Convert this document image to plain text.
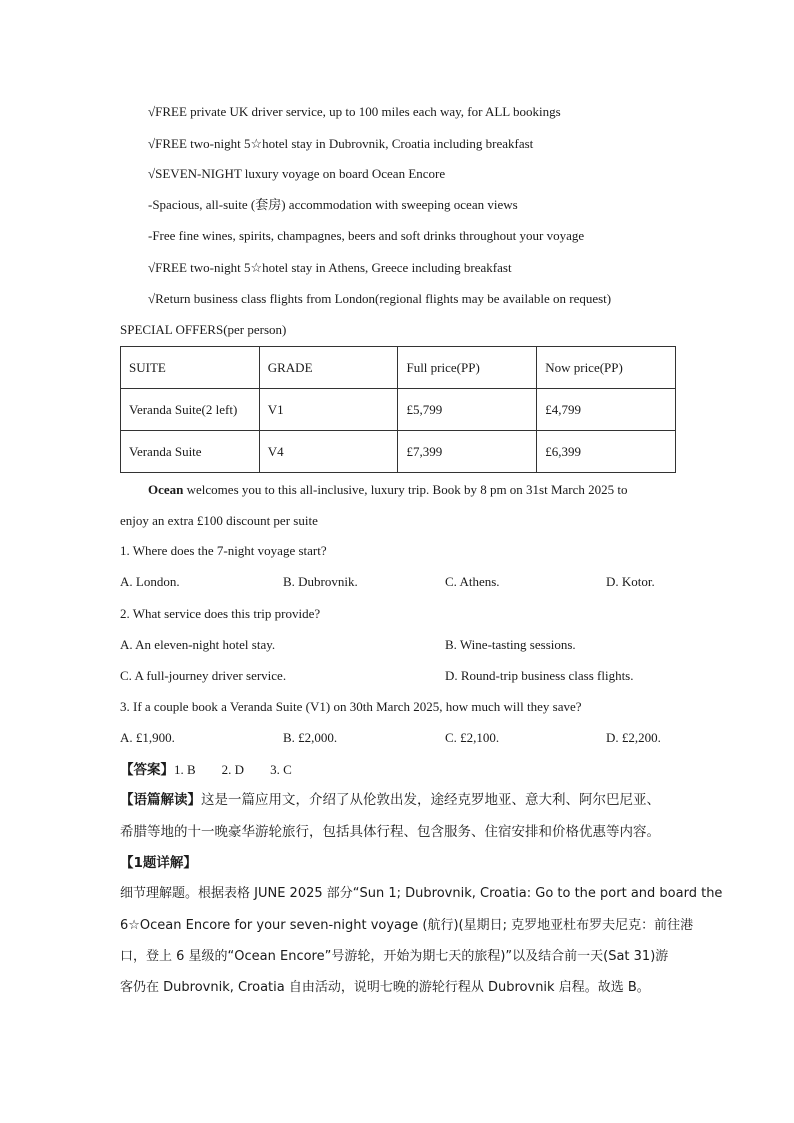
√FREE private UK driver service, up to 100 miles each way, for ALL bookings
√FREE two-night 5☆hotel stay in Dubrovnik, Croatia including breakfast
√SEVEN-NIGHT luxury voyage on board Ocean Encore
-Spacious, all-suite (套房) accommodation with sweeping ocean views
-Free fine wines, spirits, champagnes, beers and soft drinks throughout your voyage
√FREE two-night 5☆hotel stay in Athens, Greece including breakfast
√Return business class flights from London(regional flights may be available on request)
SPECIAL OFFERS(per person)
SUITE	GRADE	Full price(PP)	Now price(PP)
Veranda Suite(2 left)	V1	£5,799	£4,799
Veranda Suite	V4	£7,399	£6,399
Ocean welcomes you to this all-inclusive, luxury trip. Book by 8 pm on 31st March 2025 to
enjoy an extra £100 discount per suite
1. Where does the 7-night voyage start?
A. London.	B. Dubrovnik.	C. Athens.	D. Kotor.
2. What service does this trip provide?
A. An eleven-night hotel stay.	B. Wine-tasting sessions.
C. A full-journey driver service.	D. Round-trip business class flights.
3. If a couple book a Veranda Suite (V1) on 30th March 2025, how much will they save?
A. £1,900.	B. £2,000.	C. £2,100.	D. £2,200.
【答案】1. B 2. D 3. C
【语篇解读】这是一篇应用文，介绍了从伦敦出发，途经克罗地亚、意大利、阿尔巴尼亚、
希腊等地的十一晚豪华游轮旅行，包括具体行程、包含服务、住宿安排和价格优惠等内容。
【1题详解】
细节理解题。根据表格 JUNE 2025 部分“Sun 1; Dubrovnik, Croatia: Go to the port and board the
6☆Ocean Encore for your seven-night voyage (航行)(星期日; 克罗地亚杜布罗夫尼克：前往港
口，登上 6 星级的“Ocean Encore”号游轮，开始为期七天的旅程)”以及结合前一天(Sat 31)游
客仍在 Dubrovnik, Croatia 自由活动，说明七晚的游轮行程从 Dubrovnik 启程。故选 B。
